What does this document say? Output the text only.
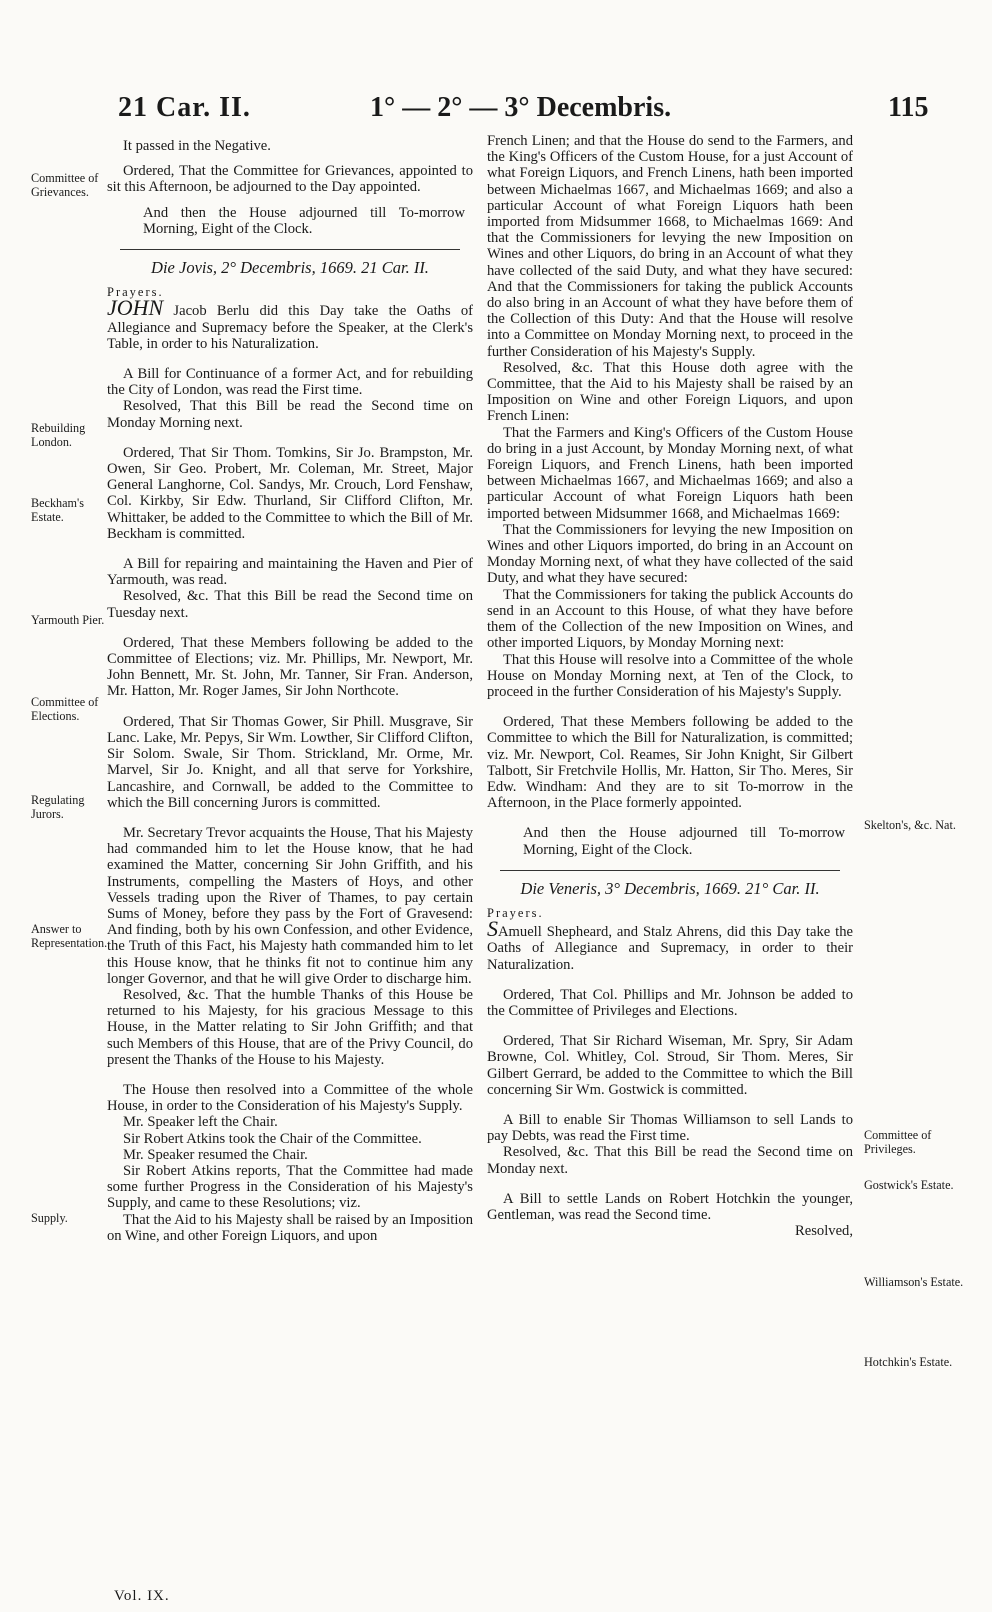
21 Car. II.	1° — 2° — 3° Decembris.	115
Committee of Grievances.
Rebuilding London.
Beckham's Estate.
Yarmouth Pier.
Committee of Elections.
Regulating Jurors.
Answer to Representation.
Supply.
Skelton's, &c. Nat.
Committee of Privileges.
Gostwick's Estate.
Williamson's Estate.
Hotchkin's Estate.

It passed in the Negative.

Ordered, That the Committee for Grievances, appointed to sit this Afternoon, be adjourned to the Day appointed.

And then the House adjourned till To-morrow Morning, Eight of the Clock.

Die Jovis, 2° Decembris, 1669. 21 Car. II.

Prayers.

JOHN Jacob Berlu did this Day take the Oaths of Allegiance and Supremacy before the Speaker, at the Clerk's Table, in order to his Naturalization.

A Bill for Continuance of a former Act, and for rebuilding the City of London, was read the First time.

Resolved, That this Bill be read the Second time on Monday Morning next.

Ordered, That Sir Thom. Tomkins, Sir Jo. Brampston, Mr. Owen, Sir Geo. Probert, Mr. Coleman, Mr. Street, Major General Langhorne, Col. Sandys, Mr. Crouch, Lord Fenshaw, Col. Kirkby, Sir Edw. Thurland, Sir Clifford Clifton, Mr. Whittaker, be added to the Committee to which the Bill of Mr. Beckham is committed.

A Bill for repairing and maintaining the Haven and Pier of Yarmouth, was read.

Resolved, &c. That this Bill be read the Second time on Tuesday next.

Ordered, That these Members following be added to the Committee of Elections; viz. Mr. Phillips, Mr. Newport, Mr. John Bennett, Mr. St. John, Mr. Tanner, Sir Fran. Anderson, Mr. Hatton, Mr. Roger James, Sir John Northcote.

Ordered, That Sir Thomas Gower, Sir Phill. Musgrave, Sir Lanc. Lake, Mr. Pepys, Sir Wm. Lowther, Sir Clifford Clifton, Sir Solom. Swale, Sir Thom. Strickland, Mr. Orme, Mr. Marvel, Sir Jo. Knight, and all that serve for Yorkshire, Lancashire, and Cornwall, be added to the Committee to which the Bill concerning Jurors is committed.

Mr. Secretary Trevor acquaints the House, That his Majesty had commanded him to let the House know, that he had examined the Matter, concerning Sir John Griffith, and his Instruments, compelling the Masters of Hoys, and other Vessels trading upon the River of Thames, to pay certain Sums of Money, before they pass by the Fort of Gravesend: And finding, both by his own Confession, and other Evidence, the Truth of this Fact, his Majesty hath commanded him to let this House know, that he thinks fit not to continue him any longer Governor, and that he will give Order to discharge him.

Resolved, &c. That the humble Thanks of this House be returned to his Majesty, for his gracious Message to this House, in the Matter relating to Sir John Griffith; and that such Members of this House, that are of the Privy Council, do present the Thanks of the House to his Majesty.

The House then resolved into a Committee of the whole House, in order to the Consideration of his Majesty's Supply.

Mr. Speaker left the Chair.

Sir Robert Atkins took the Chair of the Committee.

Mr. Speaker resumed the Chair.

Sir Robert Atkins reports, That the Committee had made some further Progress in the Consideration of his Majesty's Supply, and came to these Resolutions; viz.

That the Aid to his Majesty shall be raised by an Imposition on Wine, and other Foreign Liquors, and upon

French Linen; and that the House do send to the Farmers, and the King's Officers of the Custom House, for a just Account of what Foreign Liquors, and French Linens, hath been imported between Michaelmas 1667, and Michaelmas 1669; and also a particular Account of what Foreign Liquors hath been imported from Midsummer 1668, to Michaelmas 1669: And that the Commissioners for levying the new Imposition on Wines and other Liquors, do bring in an Account of what they have collected of the said Duty, and what they have secured: And that the Commissioners for taking the publick Accounts do also bring in an Account of what they have before them of the Collection of this Duty: And that the House will resolve into a Committee on Monday Morning next, to proceed in the further Consideration of his Majesty's Supply.

Resolved, &c. That this House doth agree with the Committee, that the Aid to his Majesty shall be raised by an Imposition on Wine and other Foreign Liquors, and upon French Linen:

That the Farmers and King's Officers of the Custom House do bring in a just Account, by Monday Morning next, of what Foreign Liquors, and French Linens, hath been imported between Michaelmas 1667, and Michaelmas 1669; and also a particular Account of what Foreign Liquors hath been imported between Midsummer 1668, and Michaelmas 1669:

That the Commissioners for levying the new Imposition on Wines and other Liquors imported, do bring in an Account on Monday Morning next, of what they have collected of the said Duty, and what they have secured:

That the Commissioners for taking the publick Accounts do send in an Account to this House, of what they have before them of the Collection of the new Imposition on Wines, and other imported Liquors, by Monday Morning next:

That this House will resolve into a Committee of the whole House on Monday Morning next, at Ten of the Clock, to proceed in the further Consideration of his Majesty's Supply.

Ordered, That these Members following be added to the Committee to which the Bill for Naturalization, is committed; viz. Mr. Newport, Col. Reames, Sir John Knight, Sir Gilbert Talbott, Sir Fretchvile Hollis, Mr. Hatton, Sir Tho. Meres, Sir Edw. Windham: And they are to sit To-morrow in the Afternoon, in the Place formerly appointed.

And then the House adjourned till To-morrow Morning, Eight of the Clock.

Die Veneris, 3° Decembris, 1669. 21° Car. II.

Prayers.

SAmuell Shepheard, and Stalz Ahrens, did this Day take the Oaths of Allegiance and Supremacy, in order to their Naturalization.

Ordered, That Col. Phillips and Mr. Johnson be added to the Committee of Privileges and Elections.

Ordered, That Sir Richard Wiseman, Mr. Spry, Sir Adam Browne, Col. Whitley, Col. Stroud, Sir Thom. Meres, Sir Gilbert Gerrard, be added to the Committee to which the Bill concerning Sir Wm. Gostwick is committed.

A Bill to enable Sir Thomas Williamson to sell Lands to pay Debts, was read the First time.

Resolved, &c. That this Bill be read the Second time on Monday next.

A Bill to settle Lands on Robert Hotchkin the younger, Gentleman, was read the Second time.

Resolved,

Vol. IX.
